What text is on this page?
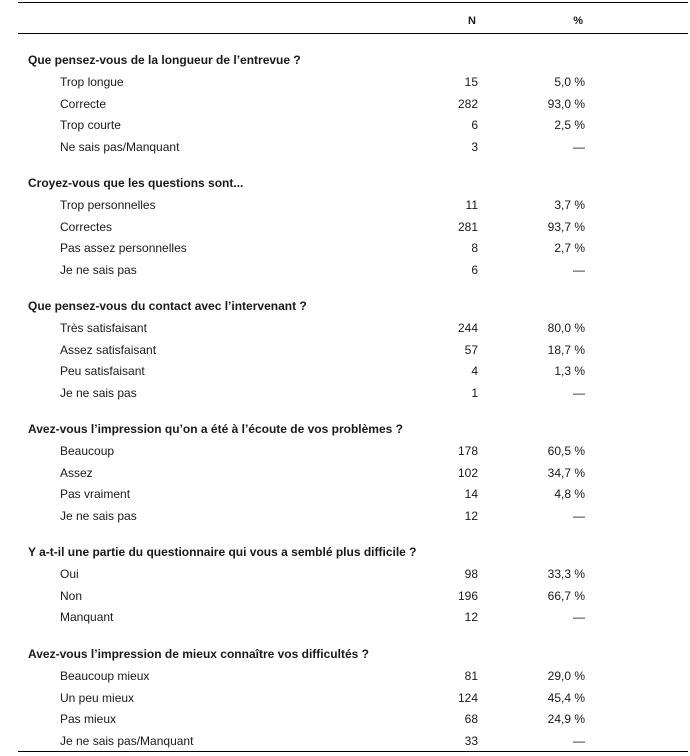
N	%
Que pensez-vous de la longueur de l’entrevue ?
Trop longue	15	5,0 %
Correcte	282	93,0 %
Trop courte	6	2,5 %
Ne sais pas/Manquant	3	—
Croyez-vous que les questions sont...
Trop personnelles	11	3,7 %
Correctes	281	93,7 %
Pas assez personnelles	8	2,7 %
Je ne sais pas	6	—
Que pensez-vous du contact avec l’intervenant ?
Très satisfaisant	244	80,0 %
Assez satisfaisant	57	18,7 %
Peu satisfaisant	4	1,3 %
Je ne sais pas	1	—
Avez-vous l’impression qu’on a été à l’écoute de vos problèmes ?
Beaucoup	178	60,5 %
Assez	102	34,7 %
Pas vraiment	14	4,8 %
Je ne sais pas	12	—
Y a-t-il une partie du questionnaire qui vous a semblé plus difficile ?
Oui	98	33,3 %
Non	196	66,7 %
Manquant	12	—
Avez-vous l’impression de mieux connaître vos difficultés ?
Beaucoup mieux	81	29,0 %
Un peu mieux	124	45,4 %
Pas mieux	68	24,9 %
Je ne sais pas/Manquant	33	—
